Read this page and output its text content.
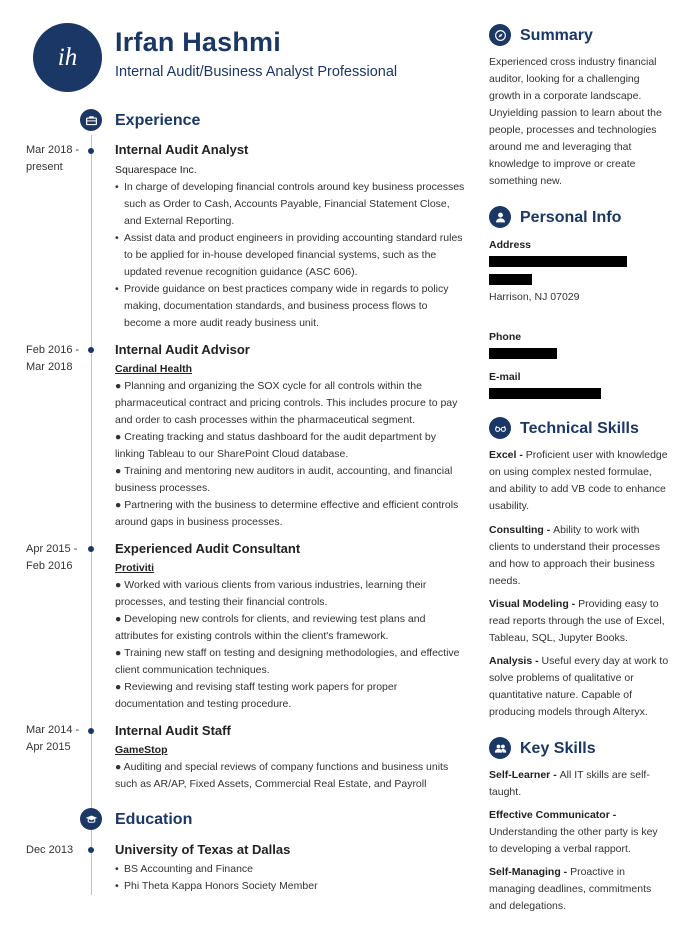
ih Irfan Hashmi
Internal Audit/Business Analyst Professional
Experience
Mar 2018 -
present
Internal Audit Analyst
Squarespace Inc.
• In charge of developing financial controls around key business processes such as Order to Cash, Accounts Payable, Financial Statement Close, and External Reporting.
• Assist data and product engineers in providing accounting standard rules to be applied for in-house developed financial systems, such as the updated revenue recognition guidance (ASC 606).
• Provide guidance on best practices company wide in regards to policy making, documentation standards, and business process flows to become a more audit ready business unit.
Feb 2016 -
Mar 2018
Internal Audit Advisor
Cardinal Health
● Planning and organizing the SOX cycle for all controls within the pharmaceutical contract and pricing controls. This includes procure to pay and order to cash processes within the pharmaceutical segment.
● Creating tracking and status dashboard for the audit department by linking Tableau to our SharePoint Cloud database.
● Training and mentoring new auditors in audit, accounting, and financial business processes.
● Partnering with the business to determine effective and efficient controls around gaps in business processes.
Apr 2015 -
Feb 2016
Experienced Audit Consultant
Protiviti
● Worked with various clients from various industries, learning their processes, and testing their financial controls.
● Developing new controls for clients, and reviewing test plans and attributes for existing controls within the client's framework.
● Training new staff on testing and designing methodologies, and effective client communication techniques.
● Reviewing and revising staff testing work papers for proper documentation and testing procedure.
Mar 2014 -
Apr 2015
Internal Audit Staff
GameStop
● Auditing and special reviews of company functions and business units such as AR/AP, Fixed Assets, Commercial Real Estate, and Payroll
Education
Dec 2013	University of Texas at Dallas
• BS Accounting and Finance
• Phi Theta Kappa Honors Society Member
Summary
Experienced cross industry financial auditor, looking for a challenging growth in a corporate landscape. Unyielding passion to learn about the people, processes and technologies around me and leveraging that knowledge to improve or create something new.
Personal Info
Address
Harrison, NJ 07029
Phone
E-mail
Technical Skills
Excel - Proficient user with knowledge on using complex nested formulae, and ability to add VB code to enhance usability.
Consulting - Ability to work with clients to understand their processes and how to approach their business needs.
Visual Modeling - Providing easy to read reports through the use of Excel, Tableau, SQL, Jupyter Books.
Analysis - Useful every day at work to solve problems of qualitative or quantitative nature. Capable of producing models through Alteryx.
Key Skills
Self-Learner - All IT skills are self-taught.
Effective Communicator - Understanding the other party is key to developing a verbal rapport.
Self-Managing - Proactive in managing deadlines, commitments and delegations.
